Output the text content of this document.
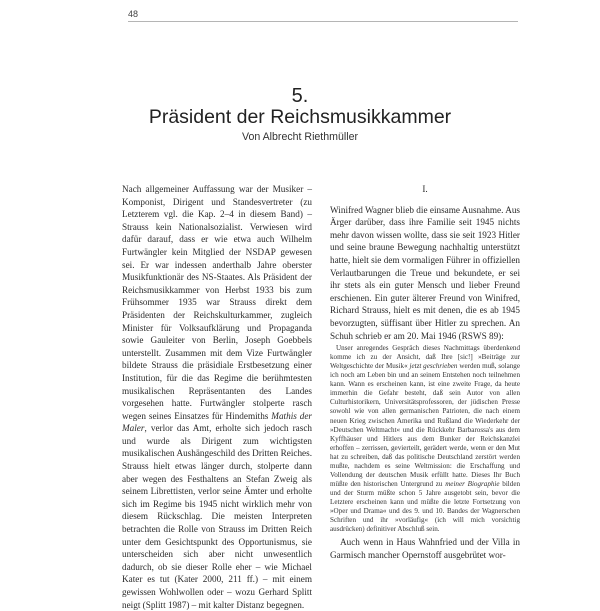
48
5.
Präsident der Reichsmusikkammer
Von Albrecht Riethmüller

Nach allgemeiner Auffassung war der Musiker – Komponist, Dirigent und Standesvertreter (zu Letzterem vgl. die Kap. 2–4 in diesem Band) – Strauss kein Nationalsozialist. Verwiesen wird dafür darauf, dass er wie etwa auch Wilhelm Furtwängler kein Mitglied der NSDAP gewesen sei. Er war indessen anderthalb Jahre oberster Musikfunktionär des NS-Staates. Als Präsident der Reichsmusikkammer von Herbst 1933 bis zum Frühsommer 1935 war Strauss direkt dem Präsidenten der Reichskulturkammer, zugleich Minister für Volksaufklärung und Propaganda sowie Gauleiter von Berlin, Joseph Goebbels unterstellt. Zusammen mit dem Vize Furtwängler bildete Strauss die präsidiale Erstbesetzung einer Institution, für die das Regime die berühmtesten musikalischen Repräsentanten des Landes vorgesehen hatte. Furtwängler stolperte rasch wegen seines Einsatzes für Hindemiths Mathis der Maler, verlor das Amt, erholte sich jedoch rasch und wurde als Dirigent zum wichtigsten musikalischen Aushängeschild des Dritten Reiches. Strauss hielt etwas länger durch, stolperte dann aber wegen des Festhaltens an Stefan Zweig als seinem Librettisten, verlor seine Ämter und erholte sich im Regime bis 1945 nicht wirklich mehr von diesem Rückschlag. Die meisten Interpreten betrachten die Rolle von Strauss im Dritten Reich unter dem Gesichtspunkt des Opportunismus, sie unterscheiden sich aber nicht unwesentlich dadurch, ob sie dieser Rolle eher – wie Michael Kater es tut (Kater 2000, 211 ff.) – mit einem gewissen Wohlwollen oder – wozu Gerhard Splitt neigt (Splitt 1987) – mit kalter Distanz begegnen.

I.

Winifred Wagner blieb die einsame Ausnahme. Aus Ärger darüber, dass ihre Familie seit 1945 nichts mehr davon wissen wollte, dass sie seit 1923 Hitler und seine braune Bewegung nachhaltig unterstützt hatte, hielt sie dem vormaligen Führer in offiziellen Verlautbarungen die Treue und bekundete, er sei ihr stets als ein guter Mensch und lieber Freund erschienen. Ein guter älterer Freund von Winifred, Richard Strauss, hielt es mit denen, die es ab 1945 bevorzugten, süffisant über Hitler zu sprechen. An Schuh schrieb er am 20. Mai 1946 (RSWS 89):

Unser anregendes Gespräch dieses Nachmittags überdenkend komme ich zu der Ansicht, daß Ihre [sic!] »Beiträge zur Weltgeschichte der Musik« jetzt geschrieben werden muß, solange ich noch am Leben bin und an seinem Entstehen noch teilnehmen kann. Wann es erscheinen kann, ist eine zweite Frage, da heute immerhin die Gefahr besteht, daß sein Autor von allen Culturhistorikern, Universitätsprofessoren, der jüdischen Presse sowohl wie von allen germanischen Patrioten, die nach einem neuen Krieg zwischen Amerika und Rußland die Wiederkehr der »Deutschen Weltmacht« und die Rückkehr Barbarossa's aus dem Kyffhäuser und Hitlers aus dem Bunker der Reichskanzlei erhoffen – zerrissen, gevierteilt, gerädert werde, wenn er den Mut hat zu schreiben, daß das politische Deutschland zerstört werden mußte, nachdem es seine Weltmission: die Erschaffung und Vollendung der deutschen Musik erfüllt hatte. Dieses Ihr Buch müßte den historischen Untergrund zu meiner Biographie bilden und der Sturm müßte schon 5 Jahre ausgetobt sein, bevor die Letztere erscheinen kann und müßte die letzte Fortsetzung von »Oper und Drama« und des 9. und 10. Bandes der Wagnerschen Schriften und ihr »vorläufig« (ich will mich vorsichtig ausdrücken) definitiver Abschluß sein.

Auch wenn in Haus Wahnfried und der Villa in Garmisch mancher Opernstoff ausgebrütet wor-
